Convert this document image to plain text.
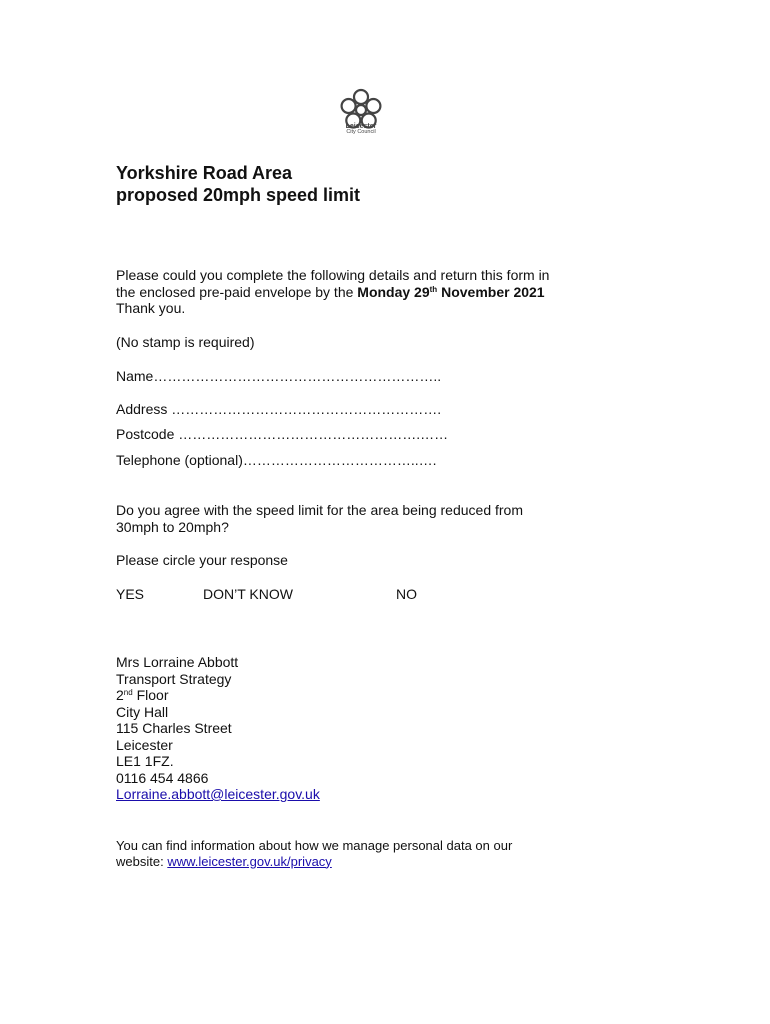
Leicester
City Council
Yorkshire Road Area
proposed 20mph speed limit
Please could you complete the following details and return this form in
the enclosed pre-paid envelope by the Monday 29th November 2021
Thank you.
(No stamp is required)
Name……………………………………………………..
Address ………………………………………………….
Postcode …………………………………………….……
Telephone (optional)………………………………..….
Do you agree with the speed limit for the area being reduced from
30mph to 20mph?
Please circle your response
YES	DON’T KNOW	NO
Mrs Lorraine Abbott
Transport Strategy
2nd Floor
City Hall
115 Charles Street
Leicester
LE1 1FZ.
0116 454 4866
Lorraine.abbott@leicester.gov.uk
You can find information about how we manage personal data on our
website: www.leicester.gov.uk/privacy
